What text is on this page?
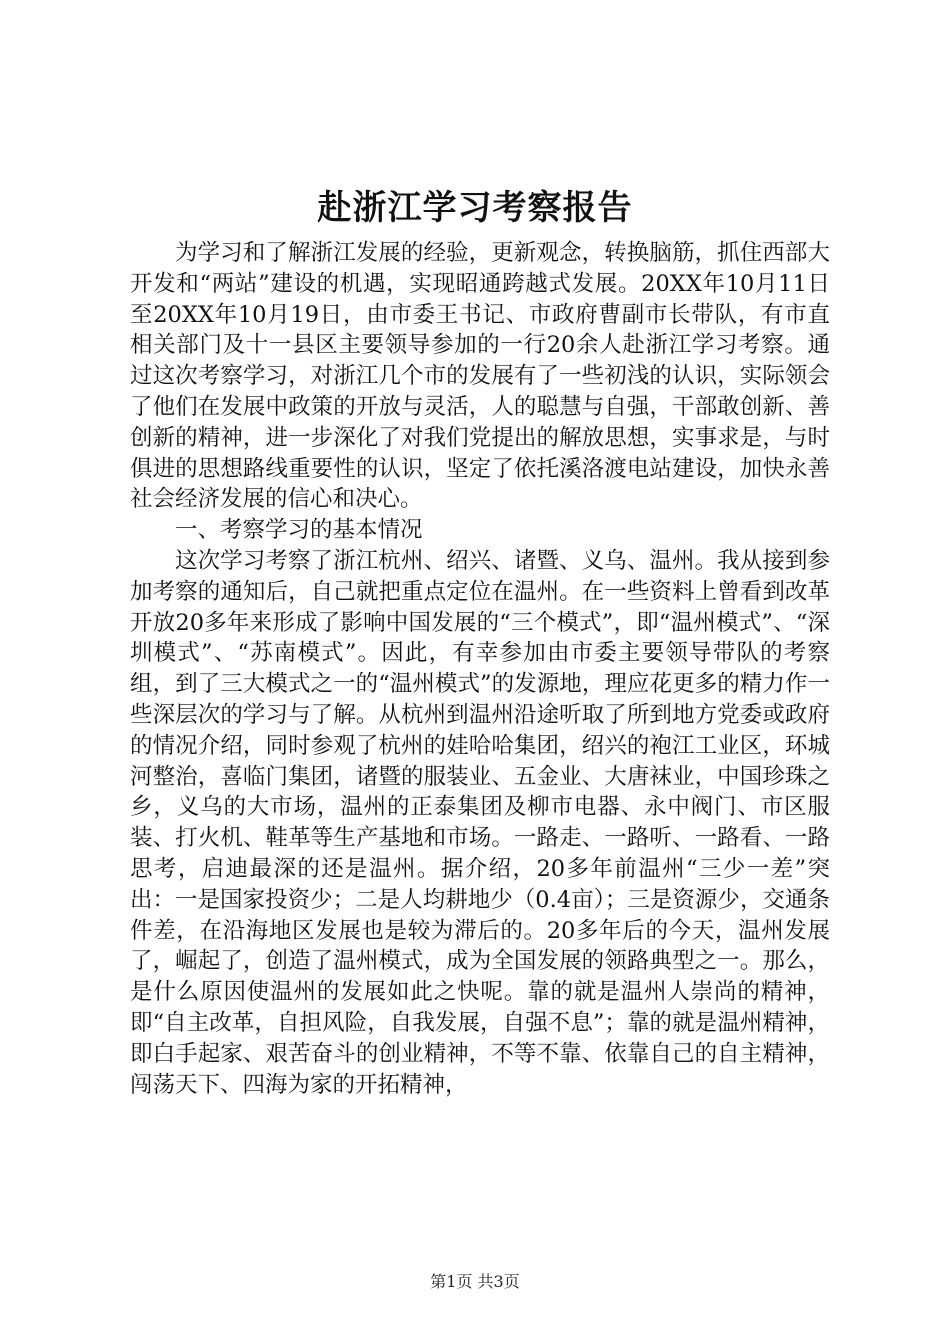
赴浙江学习考察报告

为学习和了解浙江发展的经验，更新观念，转换脑筋，抓住西部大开发和“两站”建设的机遇，实现昭通跨越式发展。20XX年10月11日至20XX年10月19日，由市委王书记、市政府曹副市长带队，有市直相关部门及十一县区主要领导参加的一行20余人赴浙江学习考察。通过这次考察学习，对浙江几个市的发展有了一些初浅的认识，实际领会了他们在发展中政策的开放与灵活，人的聪慧与自强，干部敢创新、善创新的精神，进一步深化了对我们党提出的解放思想，实事求是，与时俱进的思想路线重要性的认识，坚定了依托溪洛渡电站建设，加快永善社会经济发展的信心和决心。

一、考察学习的基本情况

这次学习考察了浙江杭州、绍兴、诸暨、义乌、温州。我从接到参加考察的通知后，自己就把重点定位在温州。在一些资料上曾看到改革开放20多年来形成了影响中国发展的“三个模式”，即“温州模式”、“深圳模式”、“苏南模式”。因此，有幸参加由市委主要领导带队的考察组，到了三大模式之一的“温州模式”的发源地，理应花更多的精力作一些深层次的学习与了解。从杭州到温州沿途听取了所到地方党委或政府的情况介绍，同时参观了杭州的娃哈哈集团，绍兴的袍江工业区，环城河整治，喜临门集团，诸暨的服装业、五金业、大唐袜业，中国珍珠之乡，义乌的大市场，温州的正泰集团及柳市电器、永中阀门、市区服装、打火机、鞋革等生产基地和市场。一路走、一路听、一路看、一路思考，启迪最深的还是温州。据介绍，20多年前温州“三少一差”突出：一是国家投资少；二是人均耕地少（0.4亩）；三是资源少，交通条件差，在沿海地区发展也是较为滞后的。20多年后的今天，温州发展了，崛起了，创造了温州模式，成为全国发展的领路典型之一。那么，是什么原因使温州的发展如此之快呢。靠的就是温州人崇尚的精神，即“自主改革，自担风险，自我发展，自强不息”；靠的就是温州精神，即白手起家、艰苦奋斗的创业精神，不等不靠、依靠自己的自主精神，闯荡天下、四海为家的开拓精神，

第1页 共3页
